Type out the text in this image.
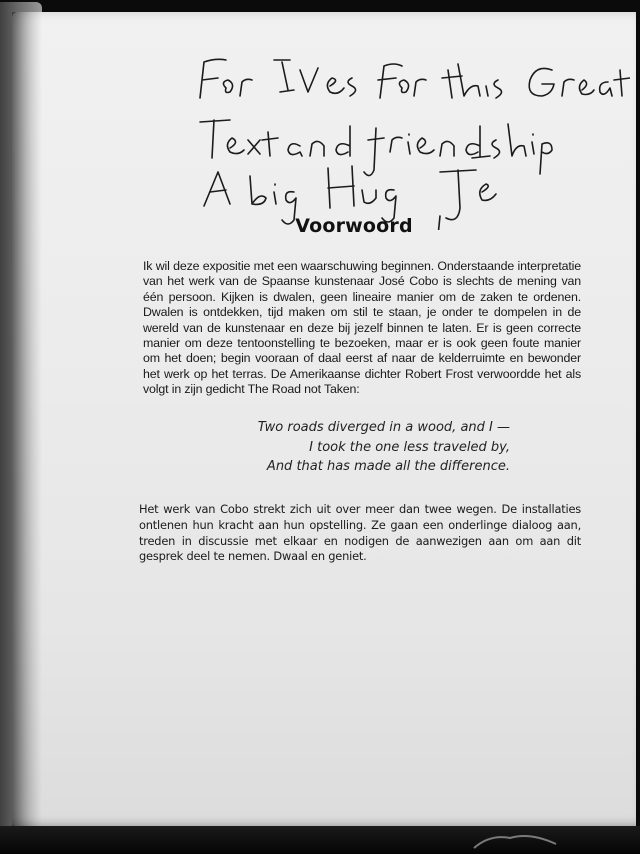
Voorwoord

Ik wil deze expositie met een waarschuwing beginnen. Onderstaande interpretatie van het werk van de Spaanse kunstenaar José Cobo is slechts de mening van één persoon. Kijken is dwalen, geen lineaire manier om de zaken te ordenen. Dwalen is ontdekken, tijd maken om stil te staan, je onder te dompelen in de wereld van de kunstenaar en deze bij jezelf binnen te laten. Er is geen correcte manier om deze tentoonstelling te bezoeken, maar er is ook geen foute manier om het doen; begin vooraan of daal eerst af naar de kelderruimte en bewonder het werk op het terras. De Amerikaanse dichter Robert Frost verwoordde het als volgt in zijn gedicht The Road not Taken:

Two roads diverged in a wood, and I —
I took the one less traveled by,
And that has made all the difference.

Het werk van Cobo strekt zich uit over meer dan twee wegen. De installaties ontlenen hun kracht aan hun opstelling. Ze gaan een onderlinge dialoog aan, treden in discussie met elkaar en nodigen de aanwezigen aan om aan dit gesprek deel te nemen. Dwaal en geniet.
